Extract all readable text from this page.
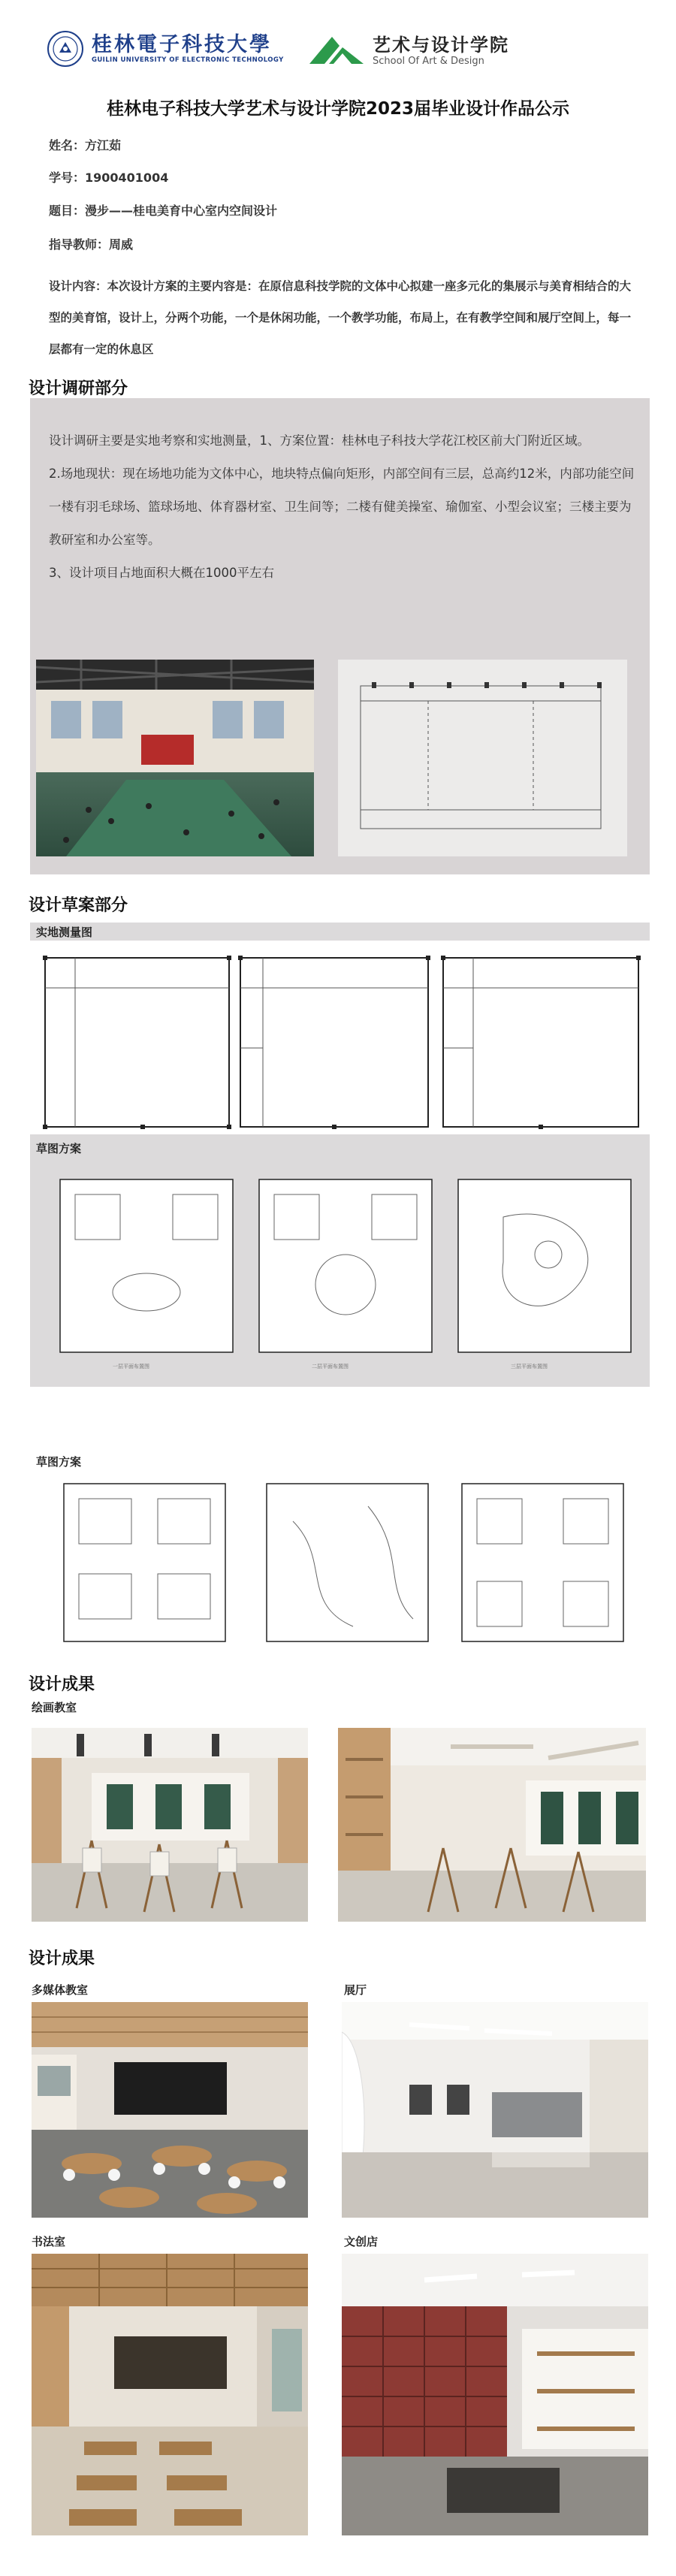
桂林電子科技大學
GUILIN UNIVERSITY OF ELECTRONIC TECHNOLOGY
艺术与设计学院
School Of Art & Design
桂林电子科技大学艺术与设计学院2023届毕业设计作品公示
姓名：方江茹
学号：1900401004
题目：漫步——桂电美育中心室内空间设计
指导教师：周威
设计内容：本次设计方案的主要内容是：在原信息科技学院的文体中心拟建一座多元化的集展示与美育相结合的大型的美育馆，设计上，分两个功能，一个是休闲功能，一个教学功能，布局上，在有教学空间和展厅空间上，每一层都有一定的休息区
设计调研部分

设计调研主要是实地考察和实地测量，1、方案位置：桂林电子科技大学花江校区前大门附近区域。

2.场地现状：现在场地功能为文体中心，地块特点偏向矩形，内部空间有三层，总高约12米，内部功能空间一楼有羽毛球场、篮球场地、体育器材室、卫生间等；二楼有健美操室、瑜伽室、小型会议室；三楼主要为教研室和办公室等。

3、设计项目占地面积大概在1000平左右

设计草案部分
实地测量图
草图方案
一层平面布置图	二层平面布置图	三层平面布置图
草图方案
设计成果
绘画教室
设计成果
多媒体教室	展厅
书法室	文创店
